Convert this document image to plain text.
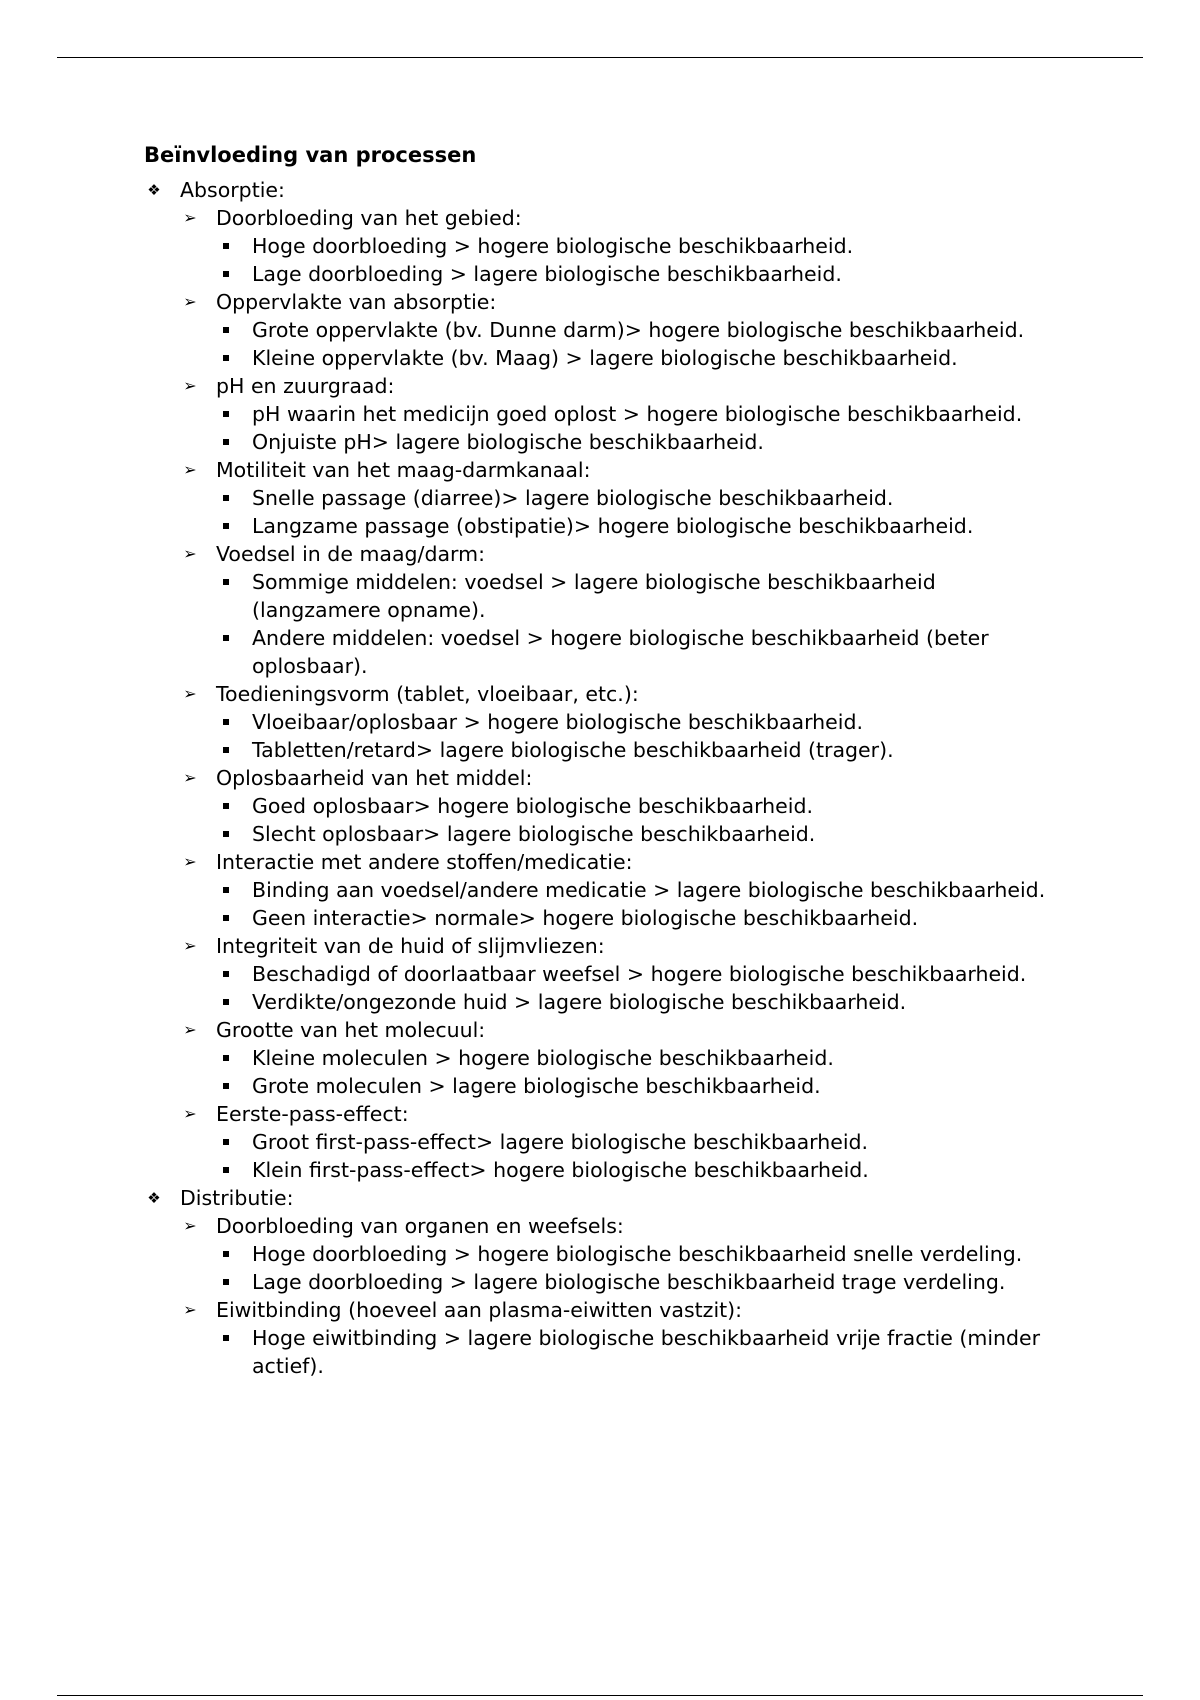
Beïnvloeding van processen
❖ Absorptie:
➢ Doorbloeding van het gebied:
Hoge doorbloeding > hogere biologische beschikbaarheid.
Lage doorbloeding > lagere biologische beschikbaarheid.
➢ Oppervlakte van absorptie:
Grote oppervlakte (bv. Dunne darm)> hogere biologische beschikbaarheid.
Kleine oppervlakte (bv. Maag) > lagere biologische beschikbaarheid.
➢ pH en zuurgraad:
pH waarin het medicijn goed oplost > hogere biologische beschikbaarheid.
Onjuiste pH> lagere biologische beschikbaarheid.
➢ Motiliteit van het maag-darmkanaal:
Snelle passage (diarree)> lagere biologische beschikbaarheid.
Langzame passage (obstipatie)> hogere biologische beschikbaarheid.
➢ Voedsel in de maag/darm:
Sommige middelen: voedsel > lagere biologische beschikbaarheid (langzamere opname).
Andere middelen: voedsel > hogere biologische beschikbaarheid (beter oplosbaar).
➢ Toedieningsvorm (tablet, vloeibaar, etc.):
Vloeibaar/oplosbaar > hogere biologische beschikbaarheid.
Tabletten/retard> lagere biologische beschikbaarheid (trager).
➢ Oplosbaarheid van het middel:
Goed oplosbaar> hogere biologische beschikbaarheid.
Slecht oplosbaar> lagere biologische beschikbaarheid.
➢ Interactie met andere stoffen/medicatie:
Binding aan voedsel/andere medicatie > lagere biologische beschikbaarheid.
Geen interactie> normale> hogere biologische beschikbaarheid.
➢ Integriteit van de huid of slijmvliezen:
Beschadigd of doorlaatbaar weefsel > hogere biologische beschikbaarheid.
Verdikte/ongezonde huid > lagere biologische beschikbaarheid.
➢ Grootte van het molecuul:
Kleine moleculen > hogere biologische beschikbaarheid.
Grote moleculen > lagere biologische beschikbaarheid.
➢ Eerste-pass-effect:
Groot first-pass-effect> lagere biologische beschikbaarheid.
Klein first-pass-effect> hogere biologische beschikbaarheid.
❖ Distributie:
➢ Doorbloeding van organen en weefsels:
Hoge doorbloeding > hogere biologische beschikbaarheid snelle verdeling.
Lage doorbloeding > lagere biologische beschikbaarheid trage verdeling.
➢ Eiwitbinding (hoeveel aan plasma-eiwitten vastzit):
Hoge eiwitbinding > lagere biologische beschikbaarheid vrije fractie (minder actief).
